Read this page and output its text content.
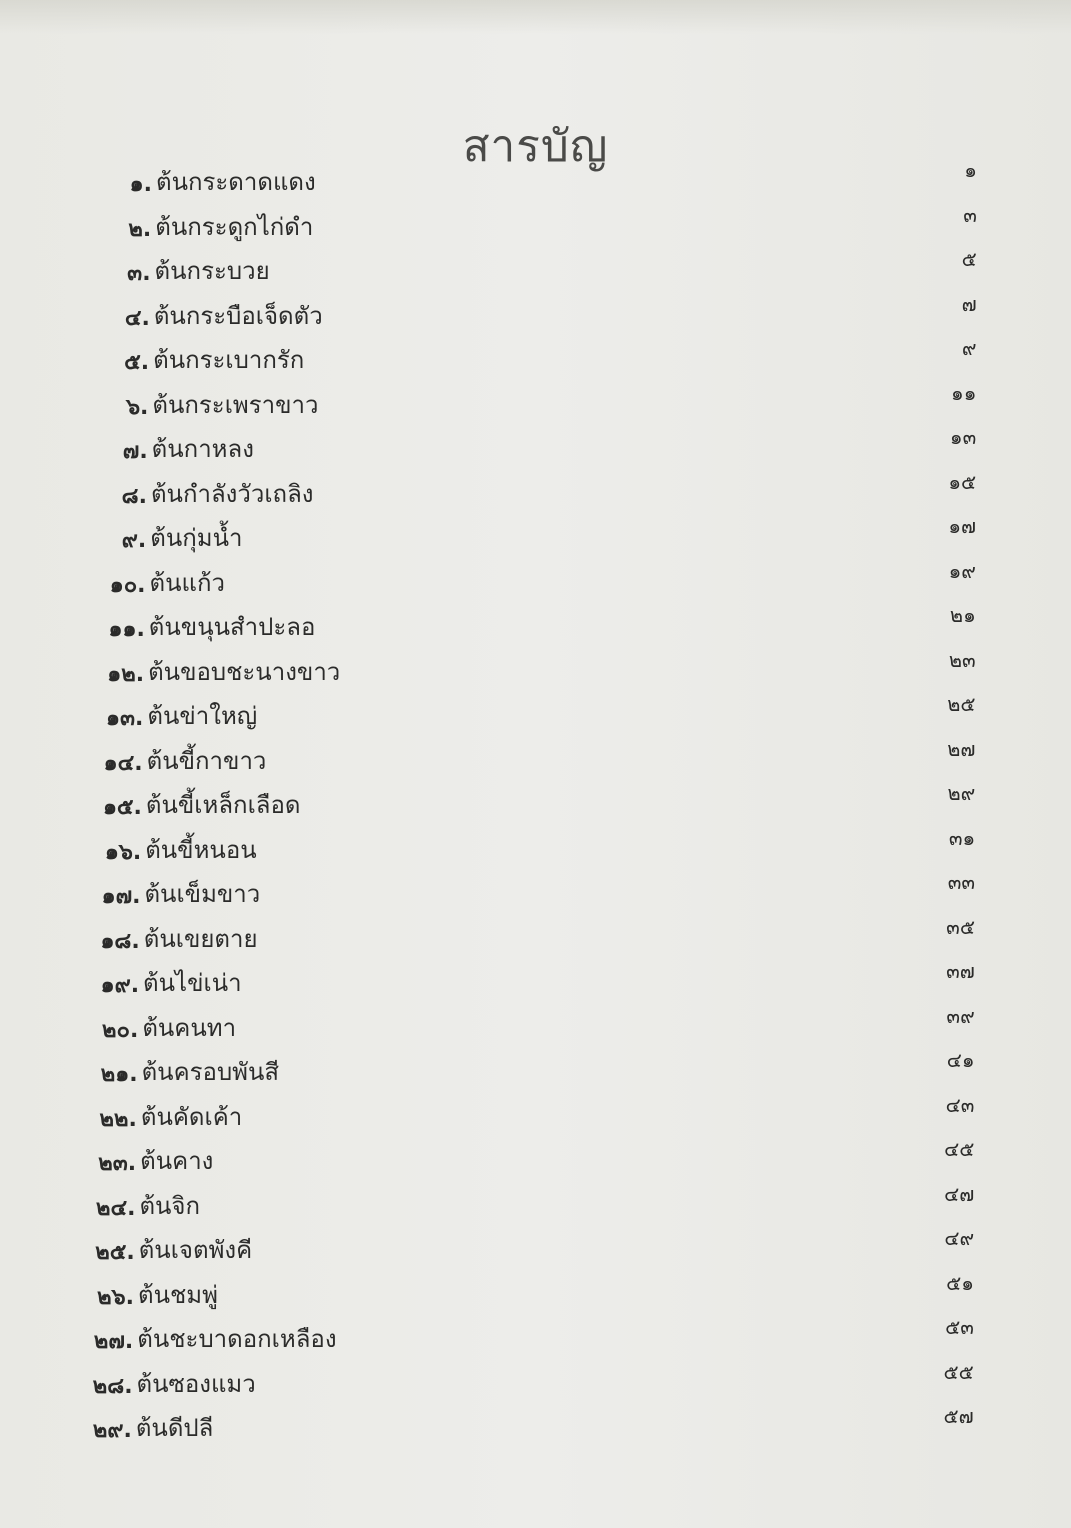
สารบัญ
๑. ต้นกระดาดแดง	๑
๒. ต้นกระดูกไก่ดำ	๓
๓. ต้นกระบวย	๕
๔. ต้นกระบือเจ็ดตัว	๗
๕. ต้นกระเบากรัก	๙
๖. ต้นกระเพราขาว	๑๑
๗. ต้นกาหลง	๑๓
๘. ต้นกำลังวัวเถลิง	๑๕
๙. ต้นกุ่มน้ำ	๑๗
๑๐. ต้นแก้ว	๑๙
๑๑. ต้นขนุนสำปะลอ	๒๑
๑๒. ต้นขอบชะนางขาว	๒๓
๑๓. ต้นข่าใหญ่	๒๕
๑๔. ต้นขี้กาขาว	๒๗
๑๕. ต้นขี้เหล็กเลือด	๒๙
๑๖. ต้นขี้หนอน	๓๑
๑๗. ต้นเข็มขาว	๓๓
๑๘. ต้นเขยตาย	๓๕
๑๙. ต้นไข่เน่า	๓๗
๒๐. ต้นคนทา	๓๙
๒๑. ต้นครอบพันสี	๔๑
๒๒. ต้นคัดเค้า	๔๓
๒๓. ต้นคาง	๔๕
๒๔. ต้นจิก	๔๗
๒๕. ต้นเจตพังคี	๔๙
๒๖. ต้นชมพู่	๕๑
๒๗. ต้นชะบาดอกเหลือง	๕๓
๒๘. ต้นซองแมว	๕๕
๒๙. ต้นดีปลี	๕๗
